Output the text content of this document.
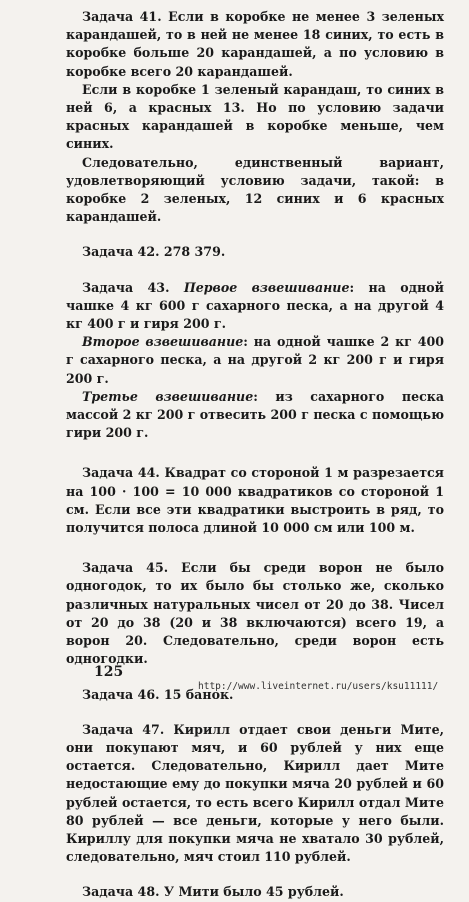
Задача 41. Если в коробке не менее 3 зеленых карандашей, то в ней не менее 18 синих, то есть в коробке больше 20 карандашей, а по условию в коробке всего 20 карандашей.

Если в коробке 1 зеленый карандаш, то синих в ней 6, а красных 13. Но по условию задачи красных карандашей в коробке меньше, чем синих.

Следовательно, единственный вариант, удовлетворяющий условию задачи, такой: в коробке 2 зеленых, 12 синих и 6 красных карандашей.

Задача 42. 278 379.

Задача 43. Первое взвешивание: на одной чашке 4 кг 600 г сахарного песка, а на другой 4 кг 400 г и гиря 200 г.

Второе взвешивание: на одной чашке 2 кг 400 г сахарного песка, а на другой 2 кг 200 г и гиря 200 г.

Третье взвешивание: из сахарного песка массой 2 кг 200 г отвесить 200 г песка с помощью гири 200 г.

Задача 44. Квадрат со стороной 1 м разрезается на 100 · 100 = 10 000 квадратиков со стороной 1 см. Если все эти квадратики выстроить в ряд, то получится полоса длиной 10 000 см или 100 м.

Задача 45. Если бы среди ворон не было одногодок, то их было бы столько же, сколько различных натуральных чисел от 20 до 38. Чисел от 20 до 38 (20 и 38 включаются) всего 19, а ворон 20. Следовательно, среди ворон есть одногодки.

Задача 46. 15 банок.

Задача 47. Кирилл отдает свои деньги Мите, они покупают мяч, и 60 рублей у них еще остается. Следовательно, Кирилл дает Мите недостающие ему до покупки мяча 20 рублей и 60 рублей остается, то есть всего Кирилл отдал Мите 80 рублей — все деньги, которые у него были. Кириллу для покупки мяча не хватало 30 рублей, следовательно, мяч стоил 110 рублей.

Задача 48. У Мити было 45 рублей.

125
http://www.liveinternet.ru/users/ksu11111/
